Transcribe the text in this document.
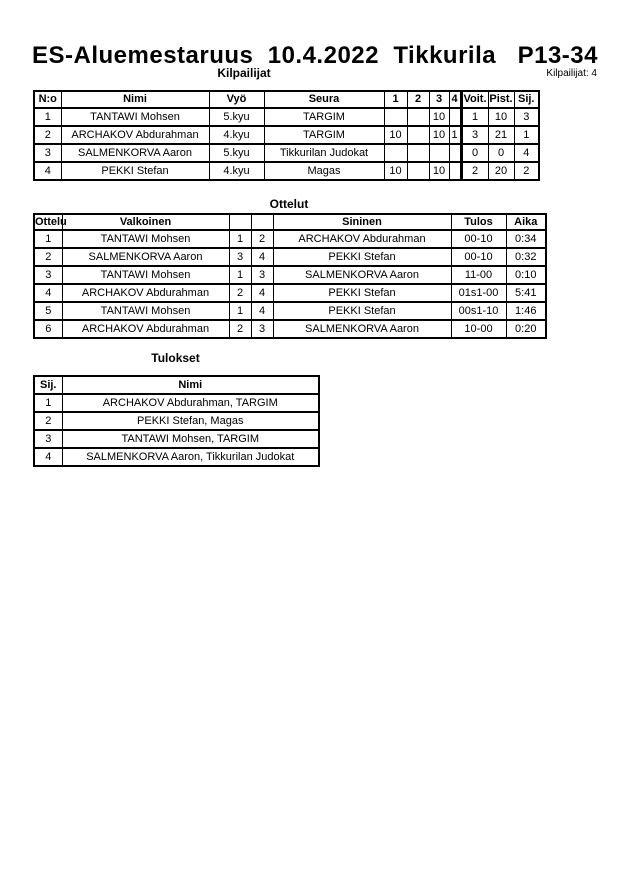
ES-Aluemestaruus  10.4.2022  Tikkurila   P13-34
Kilpailijat	Kilpailijat: 4
N:o	Nimi	Vyö	Seura	1	2	3	4	Voit.	Pist.	Sij.
1	TANTAWI Mohsen	5.kyu	TARGIM			10		1	10	3
2	ARCHAKOV Abdurahman	4.kyu	TARGIM	10		10	1	3	21	1
3	SALMENKORVA Aaron	5.kyu	Tikkurilan Judokat					0	0	4
4	PEKKI Stefan	4.kyu	Magas	10		10		2	20	2
Ottelut
Ottelu	Valkoinen			Sininen	Tulos	Aika
1	TANTAWI Mohsen	1	2	ARCHAKOV Abdurahman	00-10	0:34
2	SALMENKORVA Aaron	3	4	PEKKI Stefan	00-10	0:32
3	TANTAWI Mohsen	1	3	SALMENKORVA Aaron	11-00	0:10
4	ARCHAKOV Abdurahman	2	4	PEKKI Stefan	01s1-00	5:41
5	TANTAWI Mohsen	1	4	PEKKI Stefan	00s1-10	1:46
6	ARCHAKOV Abdurahman	2	3	SALMENKORVA Aaron	10-00	0:20
Tulokset
Sij.	Nimi
1	ARCHAKOV Abdurahman, TARGIM
2	PEKKI Stefan, Magas
3	TANTAWI Mohsen, TARGIM
4	SALMENKORVA Aaron, Tikkurilan Judokat
